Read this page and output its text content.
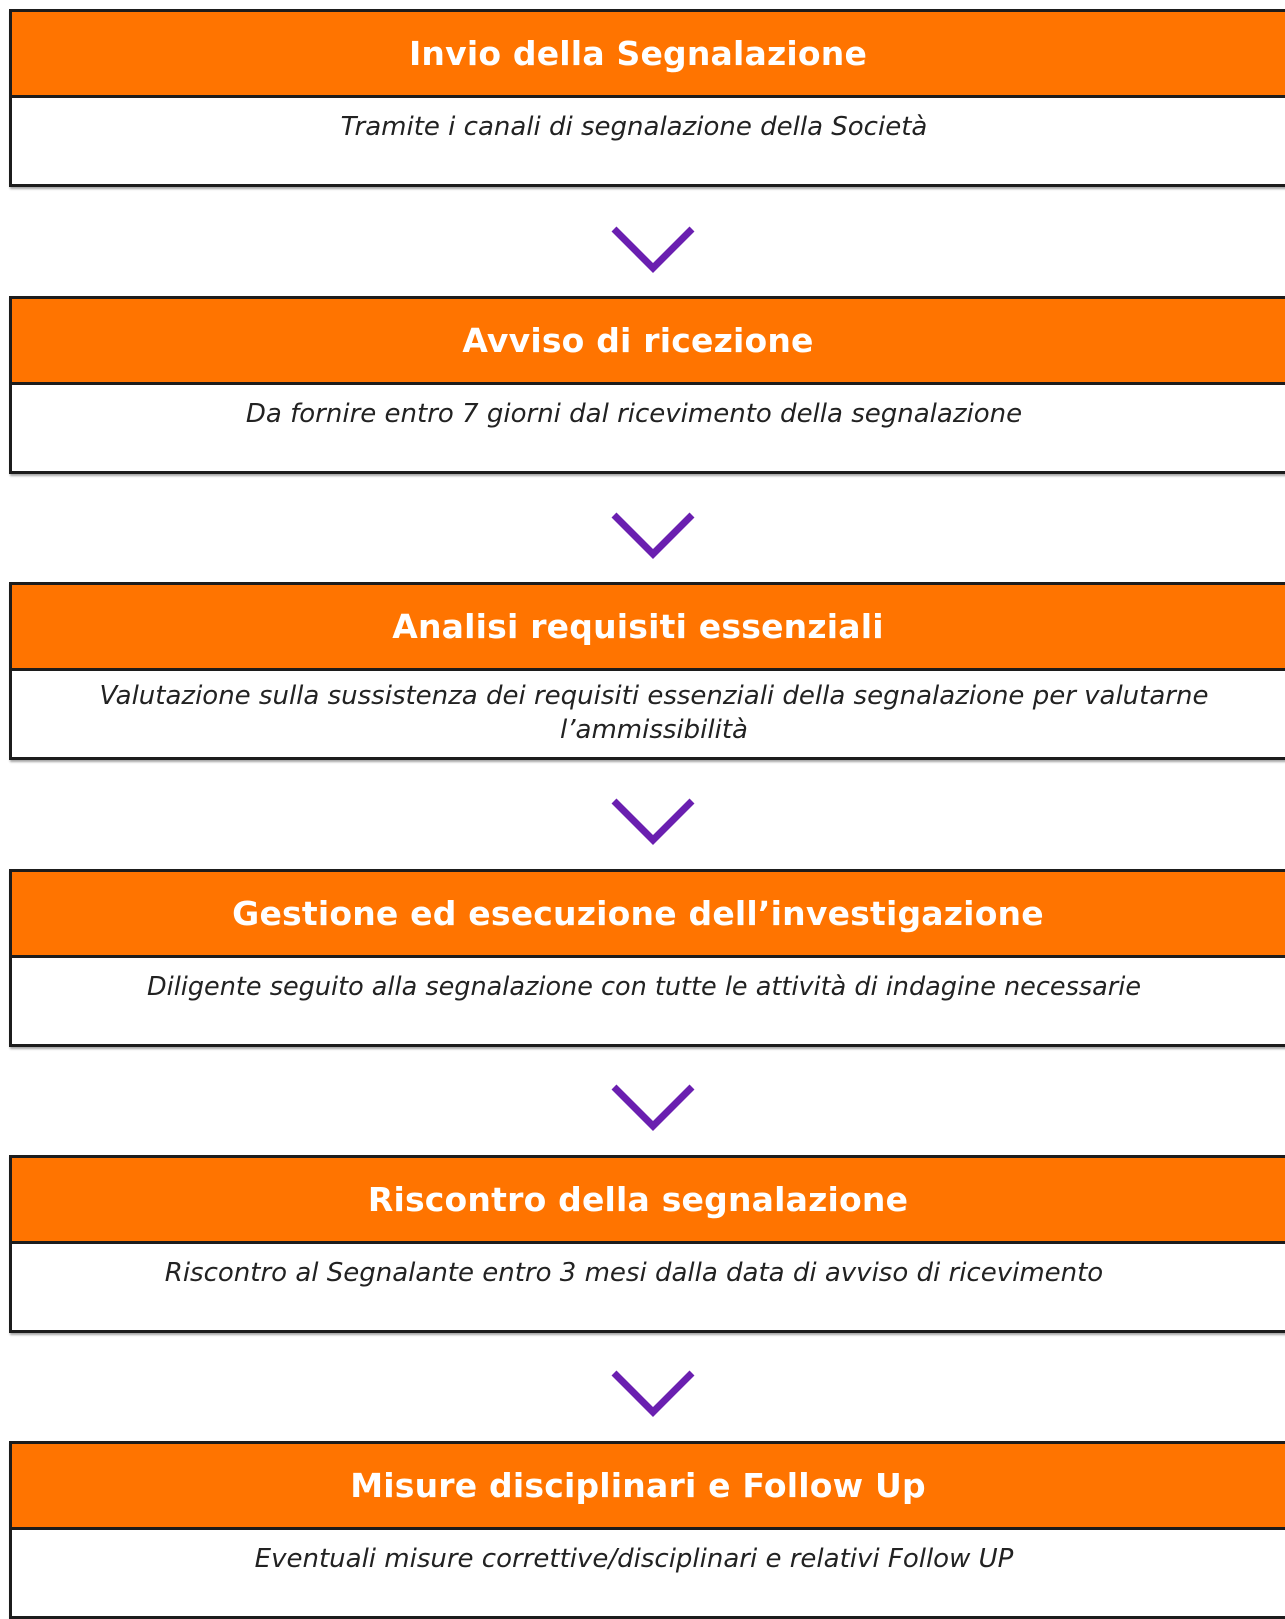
Invio della Segnalazione
Tramite i canali di segnalazione della Società
Avviso di ricezione
Da fornire entro 7 giorni dal ricevimento della segnalazione
Analisi requisiti essenziali
Valutazione sulla sussistenza dei requisiti essenziali della segnalazione per valutarne l’ammissibilità
Gestione ed esecuzione dell’investigazione
Diligente seguito alla segnalazione con tutte le attività di indagine necessarie
Riscontro della segnalazione
Riscontro al Segnalante entro 3 mesi dalla data di avviso di ricevimento
Misure disciplinari e Follow Up
Eventuali misure correttive/disciplinari e relativi Follow UP
